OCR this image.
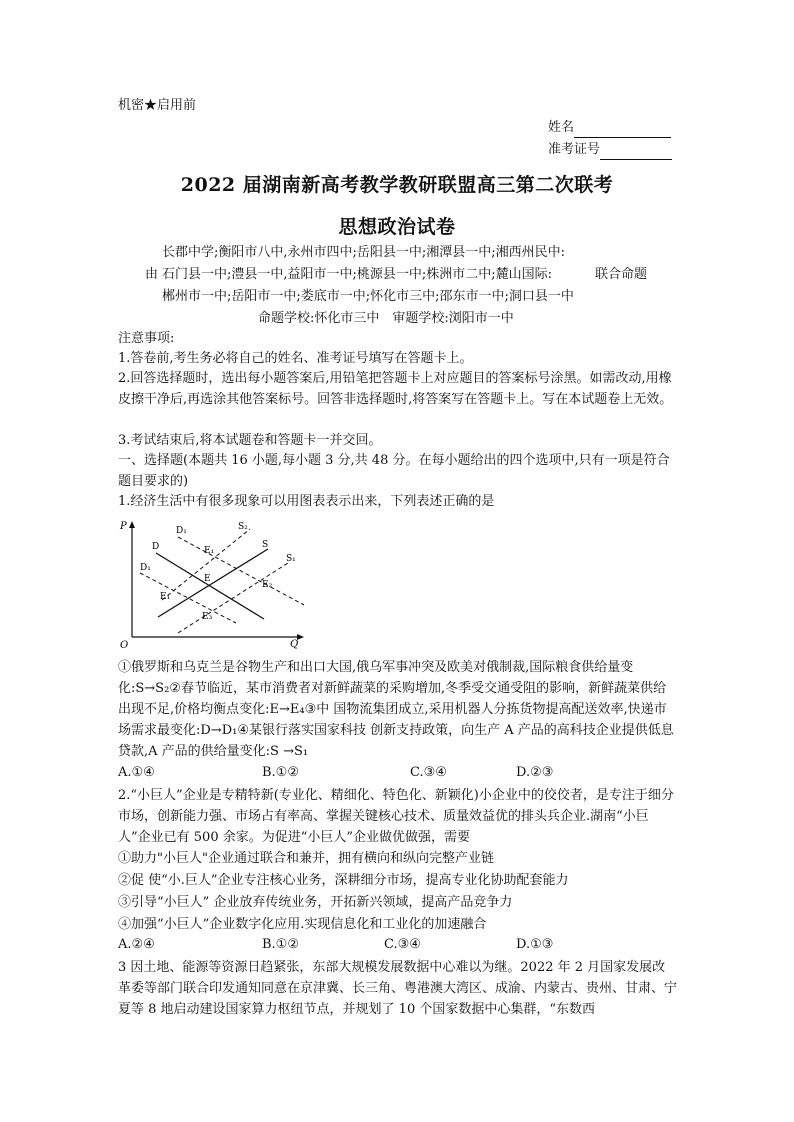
机密★启用前
姓名
准考证号
2022 届湖南新高考教学教研联盟高三第二次联考
思想政治试卷
长郡中学;衡阳市八中,永州市四中;岳阳县一中;湘潭县一中;湘西州民中:
由 石门县一中;澧县一中,益阳市一中;桃源县一中;株洲市二中;麓山国际:	联合命题
郴州市一中;岳阳市一中;娄底市一中;怀化市三中;邵东市一中;洞口县一中
命题学校:怀化市三中　审题学校:浏阳市一中
注意事项:
1.答卷前,考生务必将自己的姓名、准考证号填写在答题卡上。
2.回答选择题时，选出每小题答案后,用铅笔把答题卡上对应题目的答案标号涂黑。如需改动,用橡皮擦干净后,再选涂其他答案标号。回答非选择题时,将答案写在答题卡上。写在本试题卷上无效。
3.考试结束后,将本试题卷和答题卡一并交回。
一、选择题(本题共 16 小题,每小题 3 分,共 48 分。在每小题给出的四个选项中,只有一项是符合题目要求的)
1.经济生活中有很多现象可以用图表表示出来，下列表述正确的是
P
Q
O
D₁	S₂
D	E₁
S
S₁
D₁
E
E₂
E₁
E₃
①俄罗斯和乌克兰是谷物生产和出口大国,俄乌军事冲突及欧美对俄制裁,国际粮食供给量变化:S→S₂②春节临近，某市消费者对新鲜蔬菜的采购增加,冬季受交通受阻的影响，新鲜蔬菜供给出现不足,价格均衡点变化:E→E₄③中 国物流集团成立,采用机器人分拣货物提高配送效率,快递市场需求最变化:D→D₁④某银行落实国家科技 创新支持政策，向生产 A 产品的高科技企业提供低息贷款,A 产品的供给量变化:S →S₁
A.①④	B.①②	C.③④	D.②③
2.“小巨人”企业是专精特新(专业化、精细化、特色化、新颖化)小企业中的佼佼者，是专注于细分市场，创新能力强、市场占有率高、掌握关键核心技术、质量效益优的排头兵企业.湖南“小巨人”企业已有 500 余家。为促进“小巨人”企业做优做强，需要
①助力"小巨人"企业通过联合和兼并，拥有横向和纵向完整产业链
②促 使“小.巨人”企业专注核心业务，深耕细分市场，提高专业化协助配套能力
③引导“小巨人” 企业放弃传统业务，开拓新兴领域，提高产品竞争力
④加强“小巨人”企业数字化应用.实现信息化和工业化的加速融合
A.②④	B.①②	C.③④	D.①③
3 因土地、能源等资源日趋紧张，东部大规模发展数据中心难以为继。2022 年 2 月国家发展改革委等部门联合印发通知同意在京津冀、长三角、粤港澳大湾区、成渝、内蒙古、贵州、甘肃、宁夏等 8 地启动建设国家算力枢纽节点，并规划了 10 个国家数据中心集群，“东数西
